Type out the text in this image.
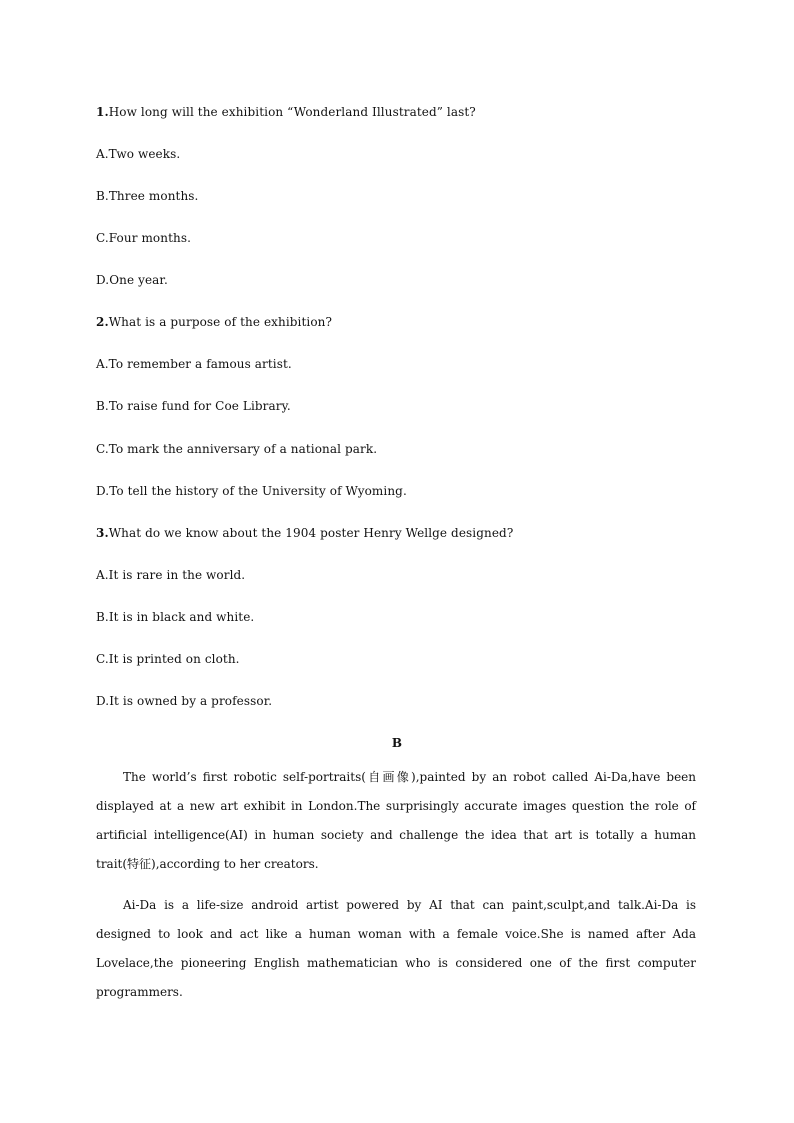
1.How long will the exhibition “Wonderland Illustrated” last?
A.Two weeks.
B.Three months.
C.Four months.
D.One year.
2.What is a purpose of the exhibition?
A.To remember a famous artist.
B.To raise fund for Coe Library.
C.To mark the anniversary of a national park.
D.To tell the history of the University of Wyoming.
3.What do we know about the 1904 poster Henry Wellge designed?
A.It is rare in the world.
B.It is in black and white.
C.It is printed on cloth.
D.It is owned by a professor.
B

The world’s first robotic self-portraits(自画像),painted by an robot called Ai-Da,have been displayed at a new art exhibit in London.The surprisingly accurate images question the role of artificial intelligence(AI) in human society and challenge the idea that art is totally a human trait(特征),according to her creators.

Ai-Da is a life-size android artist powered by AI that can paint,sculpt,and talk.Ai-Da is designed to look and act like a human woman with a female voice.She is named after Ada Lovelace,the pioneering English mathematician who is considered one of the first computer programmers.
